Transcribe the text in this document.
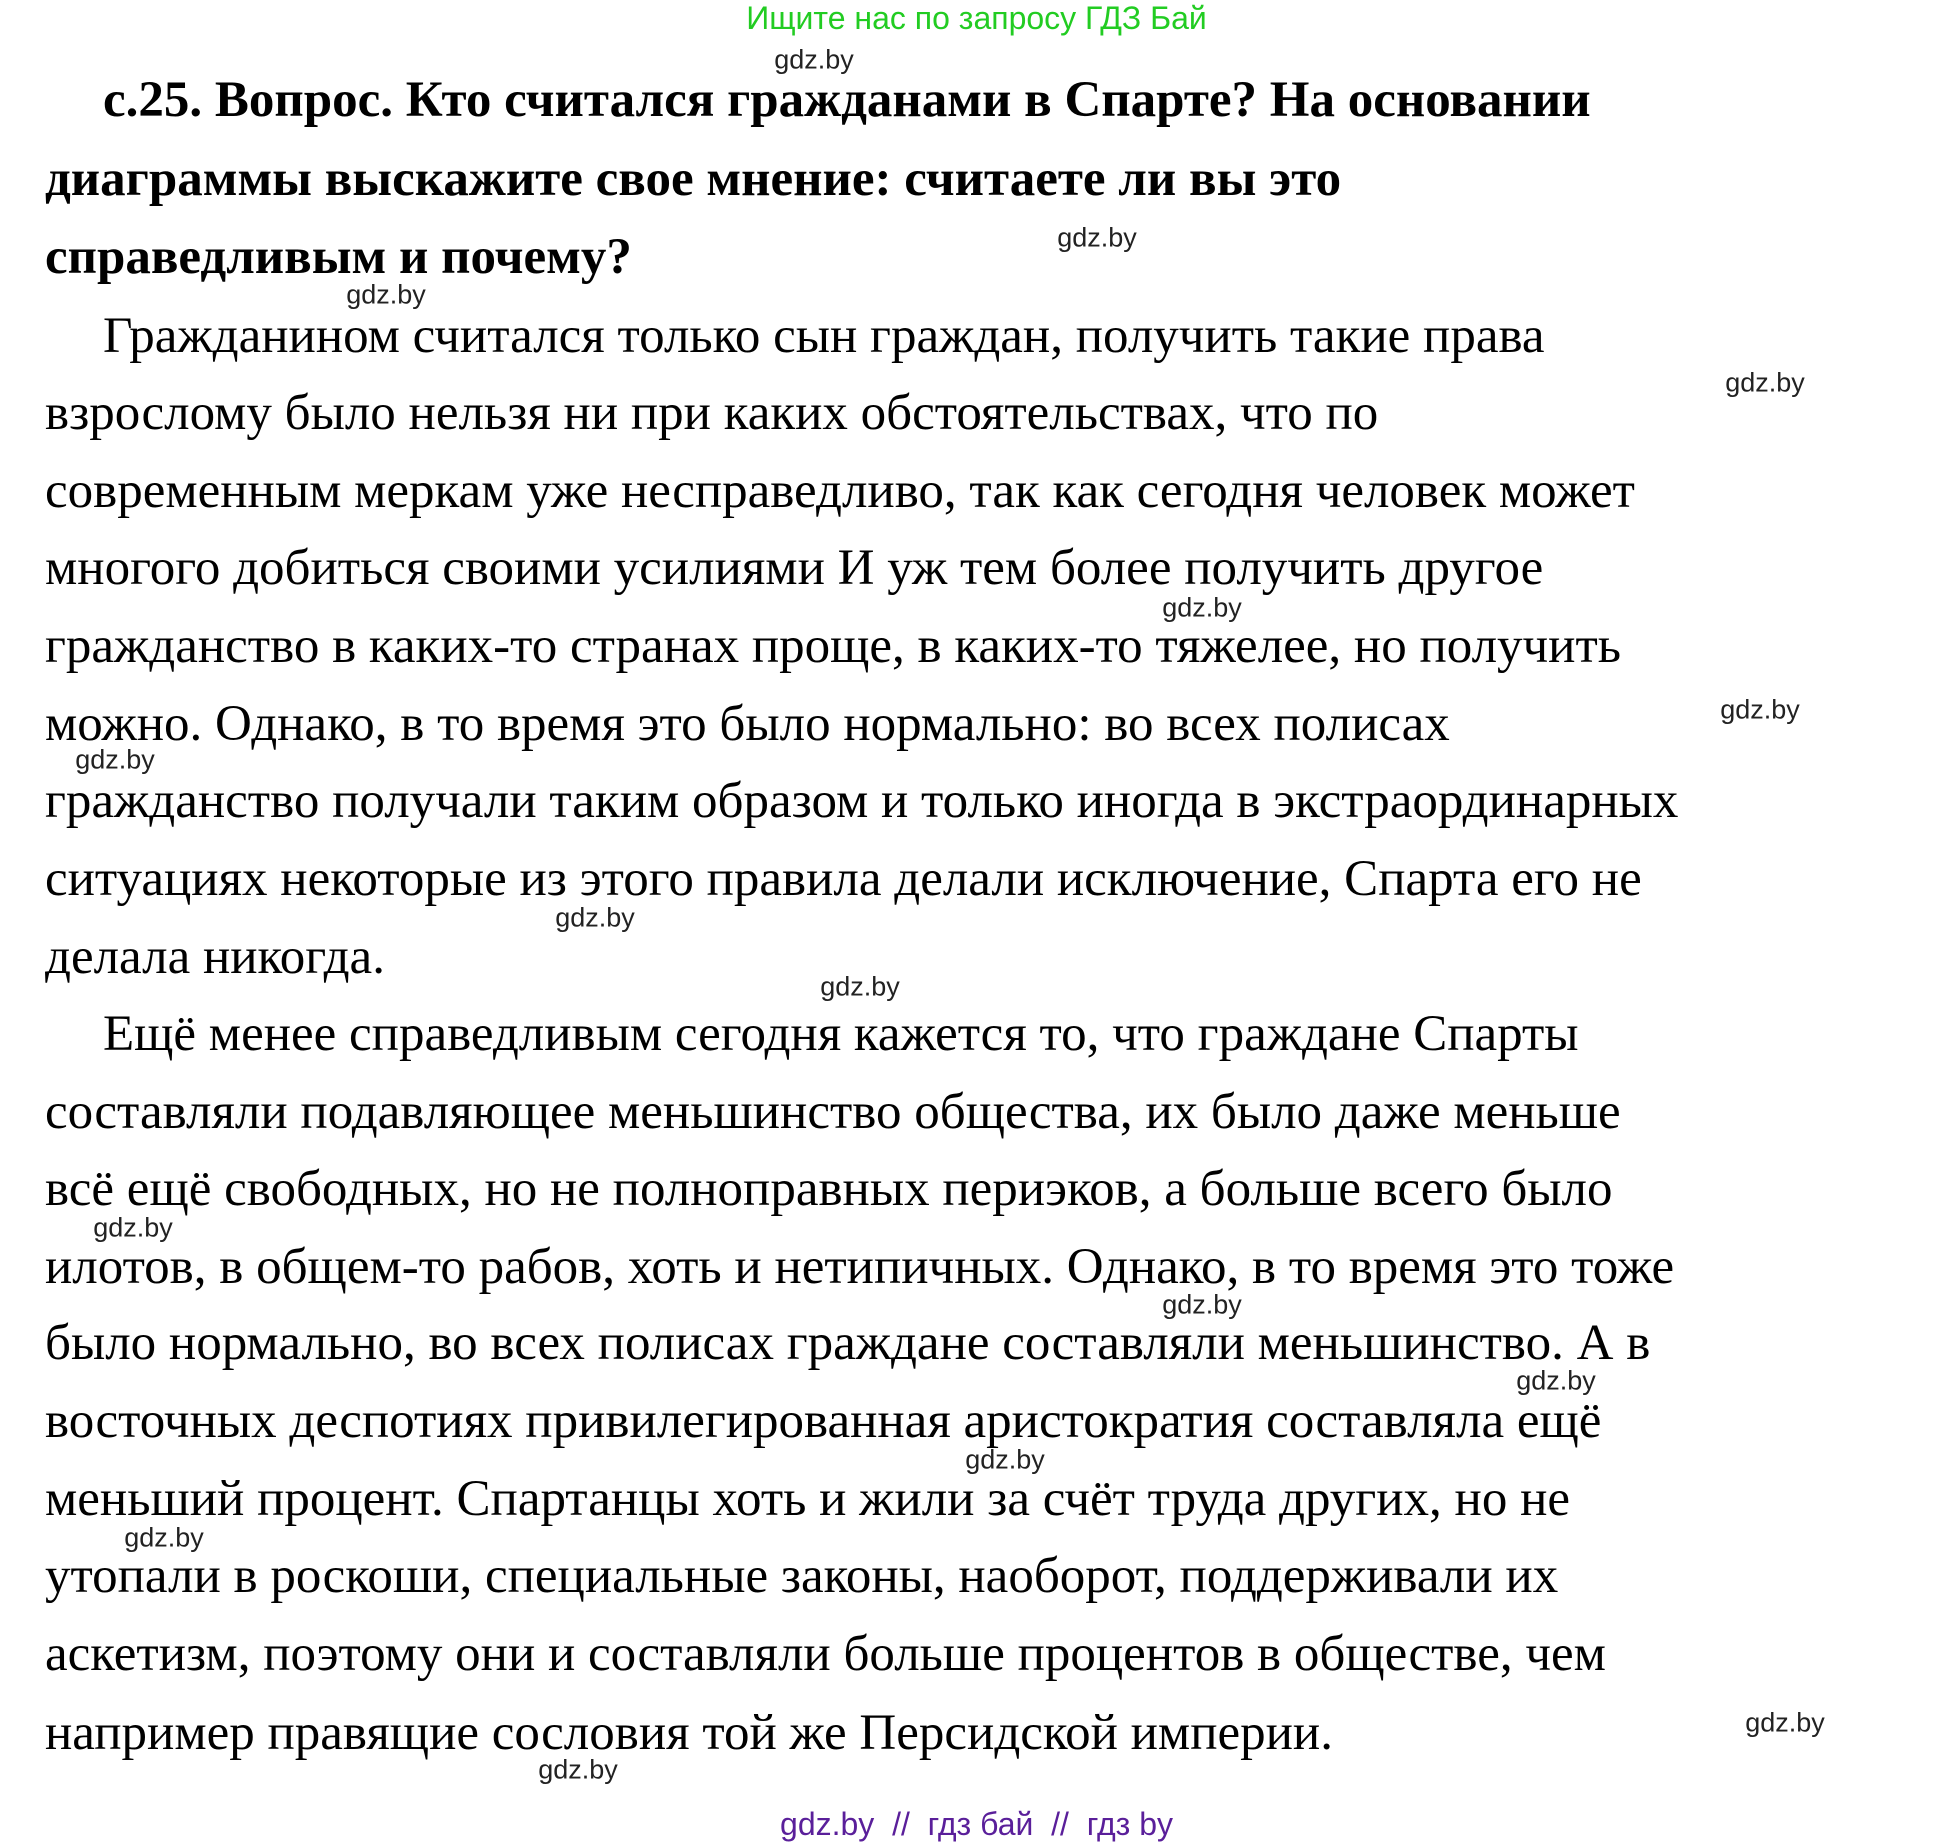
Ищите нас по запросу ГДЗ Бай
с.25. Вопрос. Кто считался гражданами в Спарте? На основании
диаграммы выскажите свое мнение: считаете ли вы это
справедливым и почему?
Гражданином считался только сын граждан, получить такие права
взрослому было нельзя ни при каких обстоятельствах, что по
современным меркам уже несправедливо, так как сегодня человек может
многого добиться своими усилиями И уж тем более получить другое
гражданство в каких-то странах проще, в каких-то тяжелее, но получить
можно. Однако, в то время это было нормально: во всех полисах
гражданство получали таким образом и только иногда в экстраординарных
ситуациях некоторые из этого правила делали исключение, Спарта его не
делала никогда.
Ещё менее справедливым сегодня кажется то, что граждане Спарты
составляли подавляющее меньшинство общества, их было даже меньше
всё ещё свободных, но не полноправных периэков, а больше всего было
илотов, в общем-то рабов, хоть и нетипичных. Однако, в то время это тоже
было нормально, во всех полисах граждане составляли меньшинство. А в
восточных деспотиях привилегированная аристократия составляла ещё
меньший процент. Спартанцы хоть и жили за счёт труда других, но не
утопали в роскоши, специальные законы, наоборот, поддерживали их
аскетизм, поэтому они и составляли больше процентов в обществе, чем
например правящие сословия той же Персидской империи.
gdz.by
gdz.by
gdz.by
gdz.by
gdz.by
gdz.by
gdz.by
gdz.by
gdz.by
gdz.by
gdz.by
gdz.by
gdz.by
gdz.by
gdz.by
gdz.by
gdz.by  //  гдз бай  //  гдз by
